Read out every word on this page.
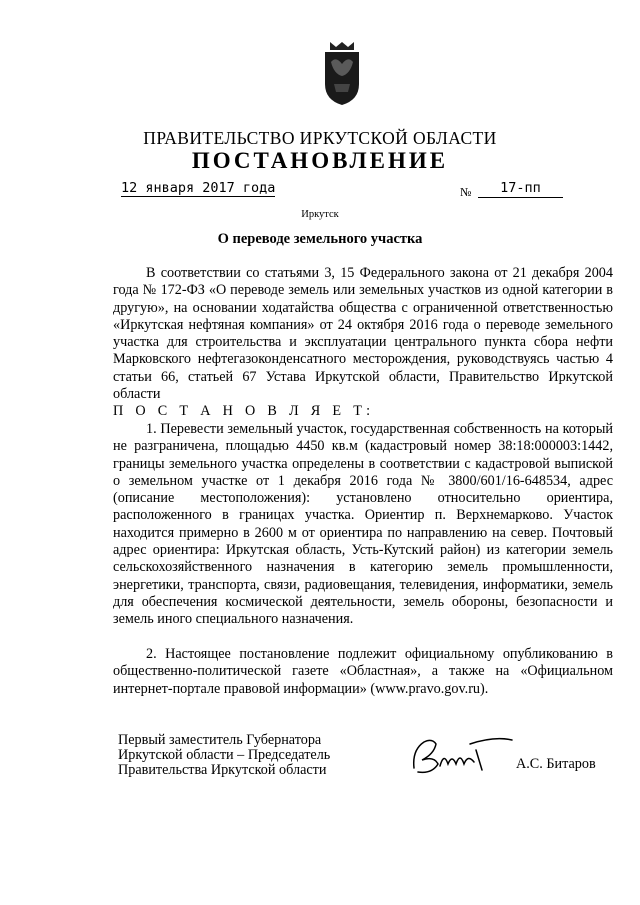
ПРАВИТЕЛЬСТВО ИРКУТСКОЙ ОБЛАСТИ
ПОСТАНОВЛЕНИЕ
12 января 2017 года	№	17-пп
Иркутск
О переводе земельного участка
В соответствии со статьями 3, 15 Федерального закона от 21 декабря 2004 года № 172-ФЗ «О переводе земель или земельных участков из одной категории в другую», на основании ходатайства общества с ограниченной ответственностью «Иркутская нефтяная компания» от 24 октября 2016 года о переводе земельного участка для строительства и эксплуатации центрального пункта сбора нефти Марковского нефтегазоконденсатного месторождения, руководствуясь частью 4 статьи 66, статьей 67 Устава Иркутской области, Правительство Иркутской области
П О С Т А Н О В Л Я Е Т:
1. Перевести земельный участок, государственная собственность на который не разграничена, площадью 4450 кв.м (кадастровый номер 38:18:000003:1442, границы земельного участка определены в соответствии с кадастровой выпиской о земельном участке от 1 декабря 2016 года № 3800/601/16-648534, адрес (описание местоположения): установлено относительно ориентира, расположенного в границах участка. Ориентир п. Верхнемарково. Участок находится примерно в 2600 м от ориентира по направлению на север. Почтовый адрес ориентира: Иркутская область, Усть-Кутский район) из категории земель сельскохозяйственного назначения в категорию земель промышленности, энергетики, транспорта, связи, радиовещания, телевидения, информатики, земель для обеспечения космической деятельности, земель обороны, безопасности и земель иного специального назначения.
2. Настоящее постановление подлежит официальному опубликованию в общественно-политической газете «Областная», а также на «Официальном интернет-портале правовой информации» (www.pravo.gov.ru).
Первый заместитель Губернатора
Иркутской области – Председатель
Правительства Иркутской области	А.С. Битаров
